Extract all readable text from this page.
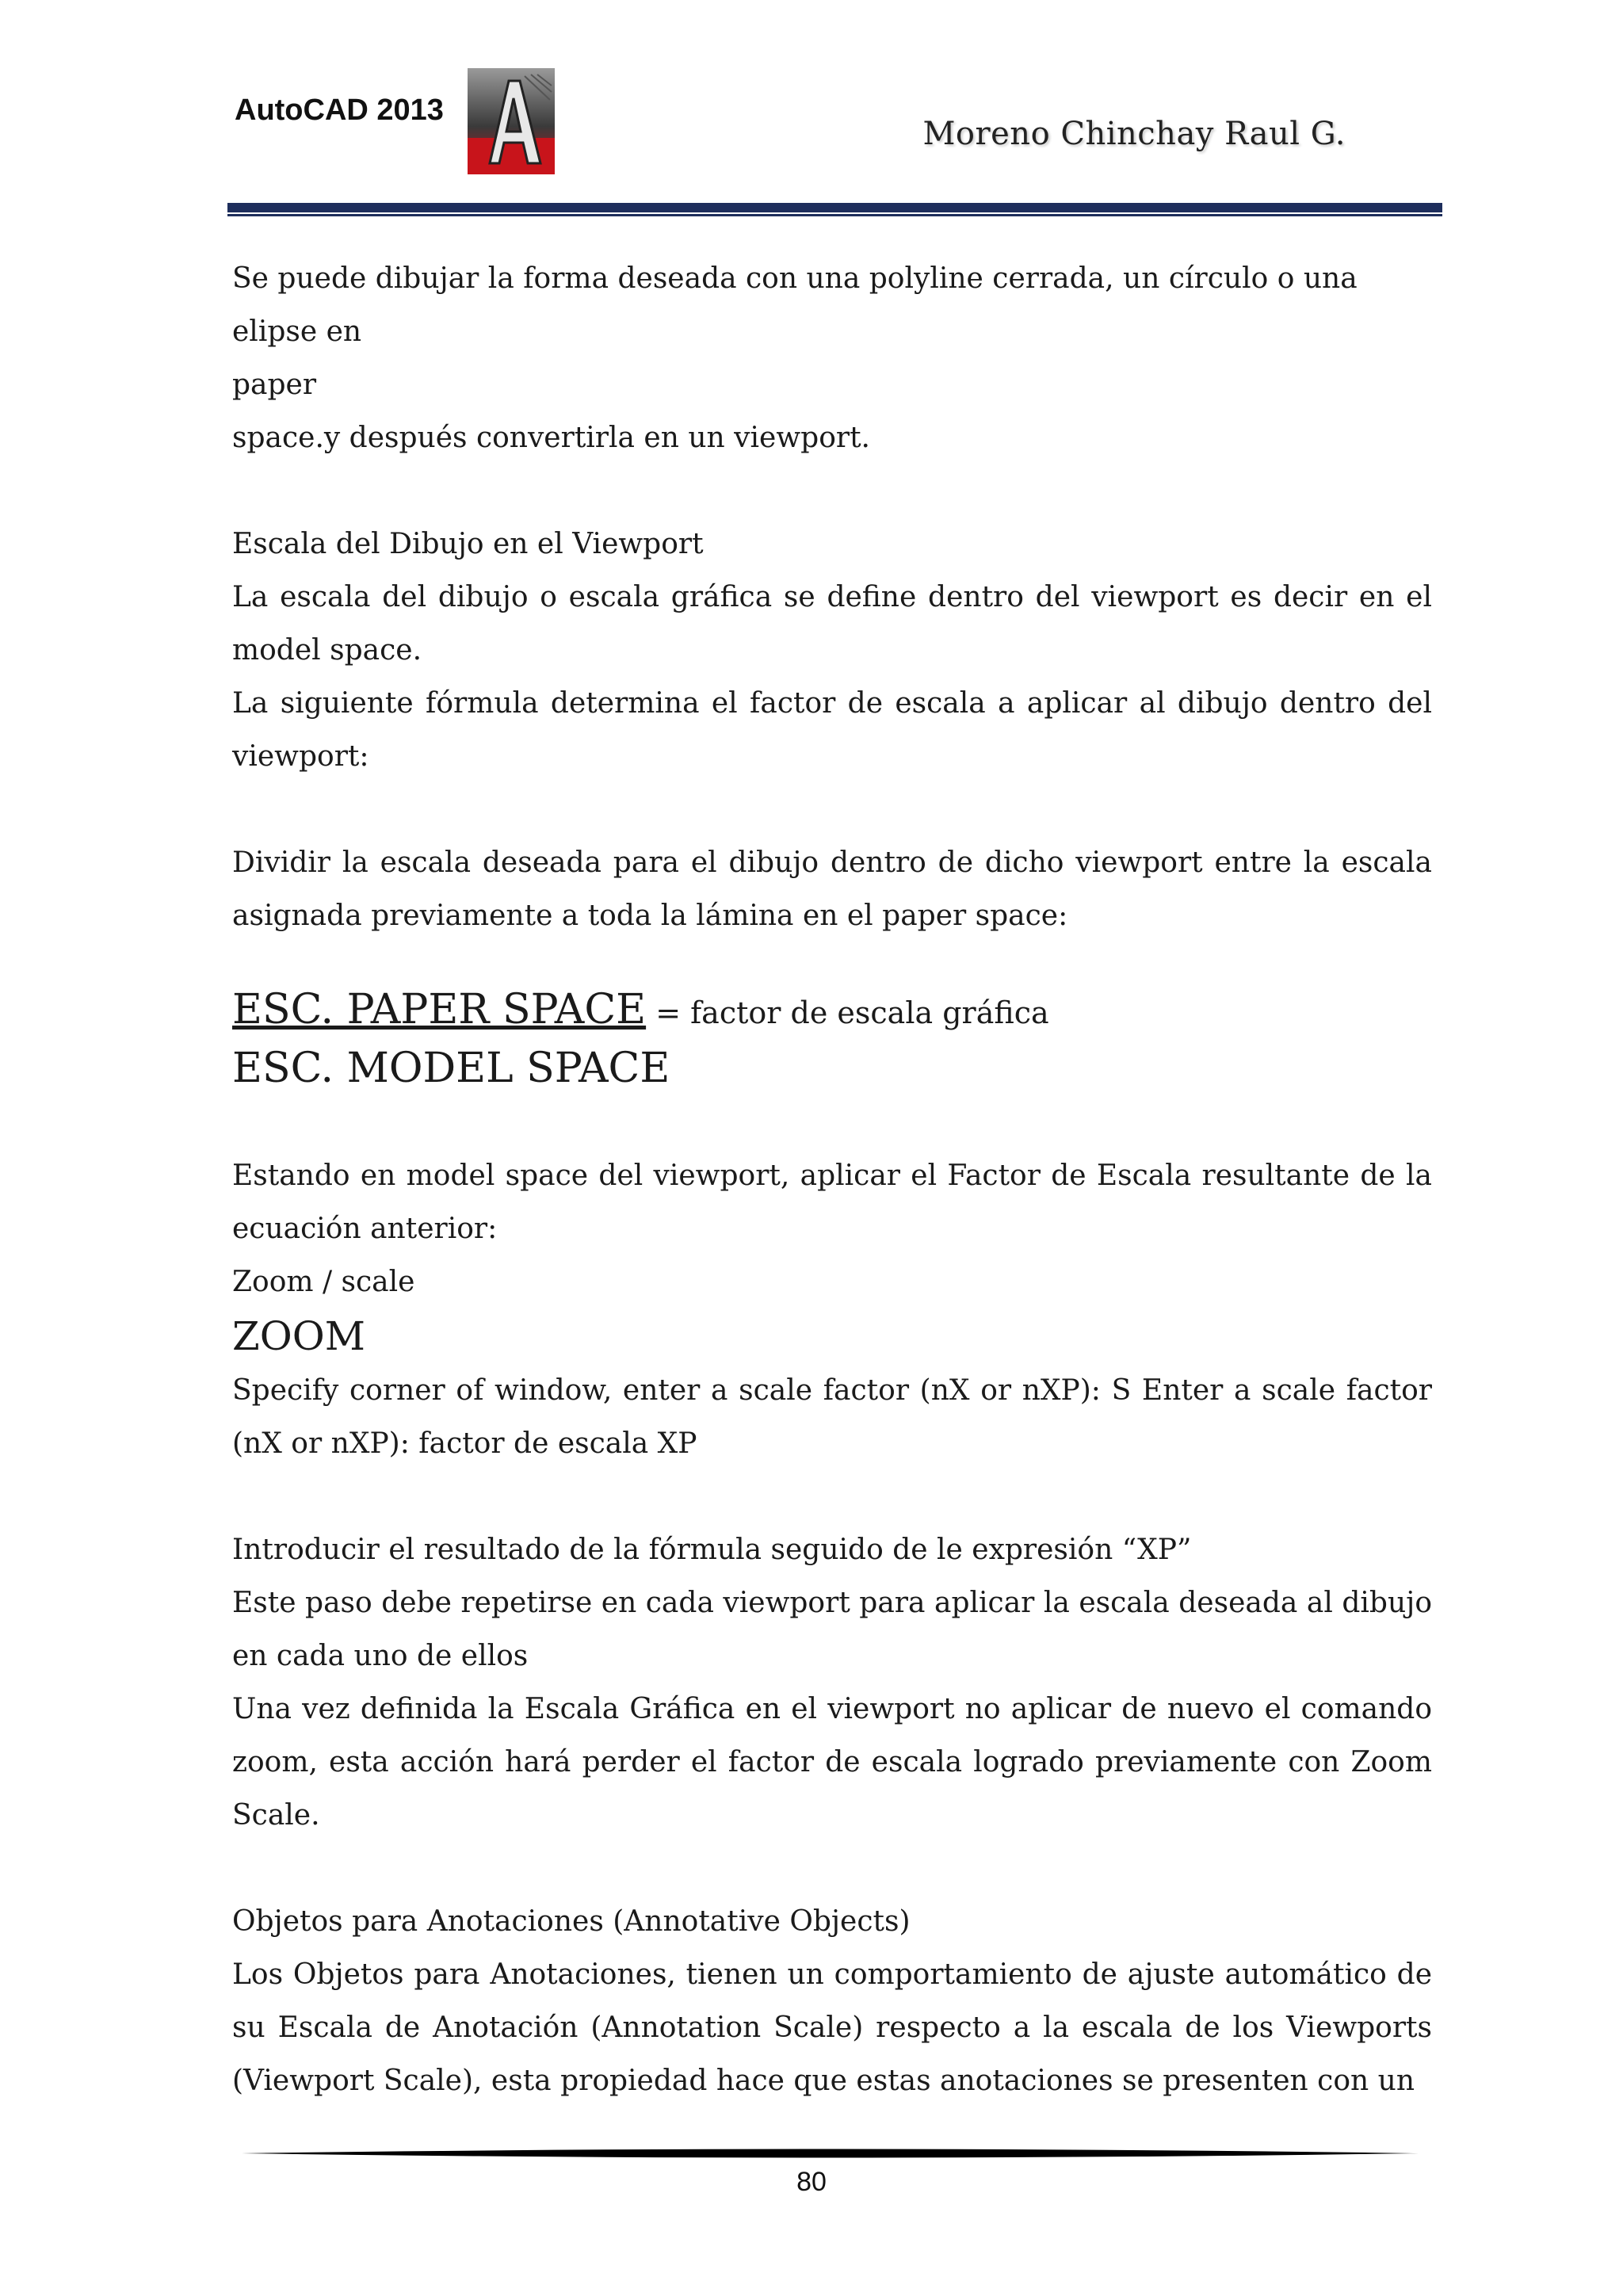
AutoCAD 2013
Moreno Chinchay Raul G.

Se puede dibujar la forma deseada con una polyline cerrada, un círculo o una elipse en

paper

space.y después convertirla en un viewport.

Escala del Dibujo en el Viewport

La escala del dibujo o escala gráfica se define dentro del viewport es decir en el model space.

La siguiente fórmula determina el factor de escala a aplicar al dibujo dentro del viewport:

Dividir la escala deseada para el dibujo dentro de dicho viewport entre la escala asignada previamente a toda la lámina en el paper space:

ESC. PAPER SPACE = factor de escala gráfica

ESC. MODEL SPACE

Estando en model space del viewport, aplicar el Factor de Escala resultante de la ecuación anterior:

Zoom / scale

ZOOM

Specify corner of window, enter a scale factor (nX or nXP): S Enter a scale factor (nX or nXP): factor de escala XP

Introducir el resultado de la fórmula seguido de le expresión “XP”

Este paso debe repetirse en cada viewport para aplicar la escala deseada al dibujo en cada uno de ellos

Una vez definida la Escala Gráfica en el viewport no aplicar de nuevo el comando zoom, esta acción hará perder el factor de escala logrado previamente con Zoom Scale.

Objetos para Anotaciones (Annotative Objects)

Los Objetos para Anotaciones, tienen un comportamiento de ajuste automático de su Escala de Anotación (Annotation Scale) respecto a la escala de los Viewports (Viewport Scale), esta propiedad hace que estas anotaciones se presenten con un

80
